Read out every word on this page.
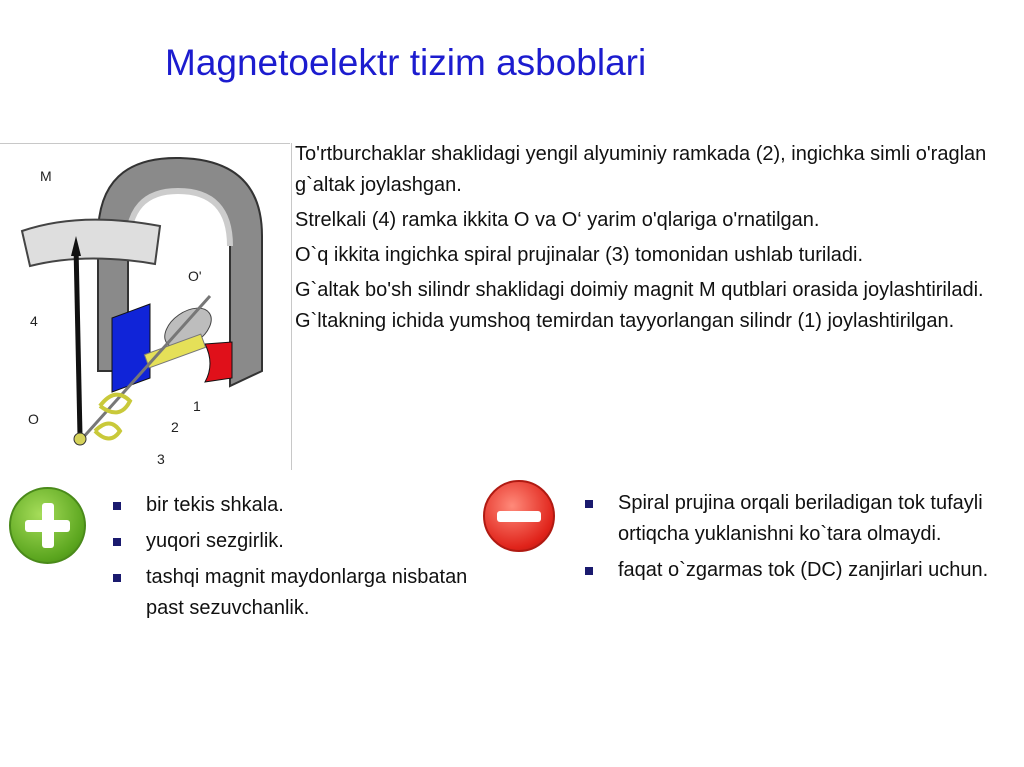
Magnetoelektr tizim asboblari
M
4
O
O'
1
2
3

To'rtburchaklar shaklidagi yengil alyuminiy ramkada (2), ingichka simli o'raglan g`altak joylashgan.

Strelkali (4) ramka ikkita O va O‘ yarim o'qlariga o'rnatilgan.

O`q ikkita ingichka spiral prujinalar (3) tomonidan ushlab turiladi.

G`altak bo'sh silindr shaklidagi doimiy magnit M qutblari orasida joylashtiriladi. G`ltakning ichida yumshoq temirdan tayyorlangan silindr (1) joylashtirilgan.

bir tekis shkala.
yuqori sezgirlik.
tashqi magnit maydonlarga nisbatan past sezuvchanlik.
Spiral prujina orqali beriladigan tok tufayli ortiqcha yuklanishni ko`tara olmaydi.
faqat o`zgarmas tok (DC) zanjirlari uchun.
